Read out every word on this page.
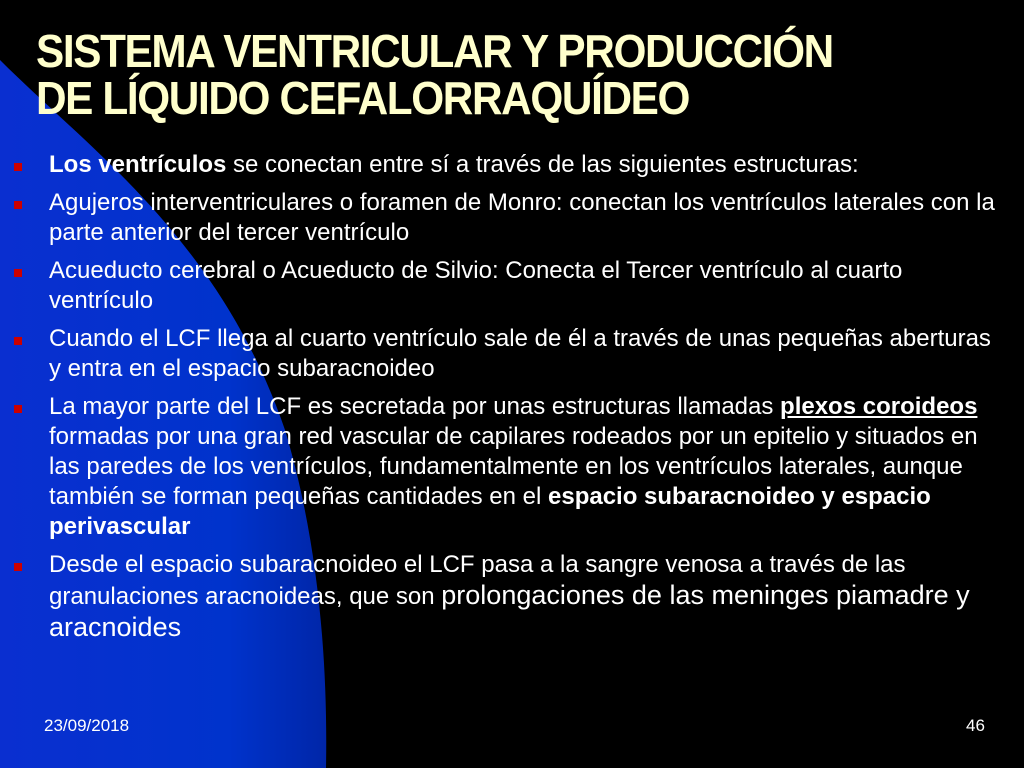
SISTEMA VENTRICULAR Y PRODUCCIÓN
DE LÍQUIDO CEFALORRAQUÍDEO
Los ventrículos se conectan entre sí a través de las siguientes estructuras:
Agujeros interventriculares o foramen de Monro: conectan los ventrículos laterales con la parte anterior del tercer ventrículo
Acueducto cerebral o Acueducto de Silvio: Conecta el Tercer ventrículo al cuarto ventrículo
Cuando el LCF llega al cuarto ventrículo sale de él a través de unas pequeñas aberturas y entra en el espacio subaracnoideo
La mayor parte del LCF es secretada por unas estructuras llamadas plexos coroideos formadas por una gran red vascular de capilares rodeados por un epitelio y situados en las paredes de los ventrículos, fundamentalmente en los ventrículos laterales, aunque también se forman pequeñas cantidades en el espacio subaracnoideo y espacio perivascular
Desde el espacio subaracnoideo el LCF pasa a la sangre venosa a través de las granulaciones aracnoideas, que son prolongaciones de las meninges piamadre y aracnoides
23/09/2018	46
